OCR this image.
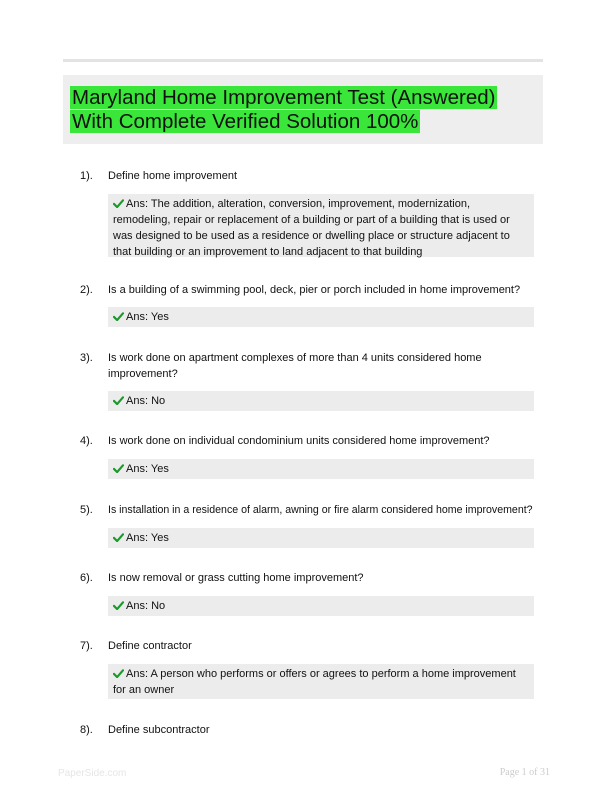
Maryland Home Improvement Test (Answered) With Complete Verified Solution 100%
1).	Define home improvement
Ans: The addition, alteration, conversion, improvement, modernization, remodeling, repair or replacement of a building or part of a building that is used or was designed to be used as a residence or dwelling place or structure adjacent to that building or an improvement to land adjacent to that building
2).	Is a building of a swimming pool, deck, pier or porch included in home improvement?
Ans: Yes
3).	Is work done on apartment complexes of more than 4 units considered home improvement?
Ans: No
4).	Is work done on individual condominium units considered home improvement?
Ans: Yes
5).	Is installation in a residence of alarm, awning or fire alarm considered home improvement?
Ans: Yes
6).	Is now removal or grass cutting home improvement?
Ans: No
7).	Define contractor
Ans: A person who performs or offers or agrees to perform a home improvement for an owner
8).	Define subcontractor
PaperSide.com	Page 1 of 31
